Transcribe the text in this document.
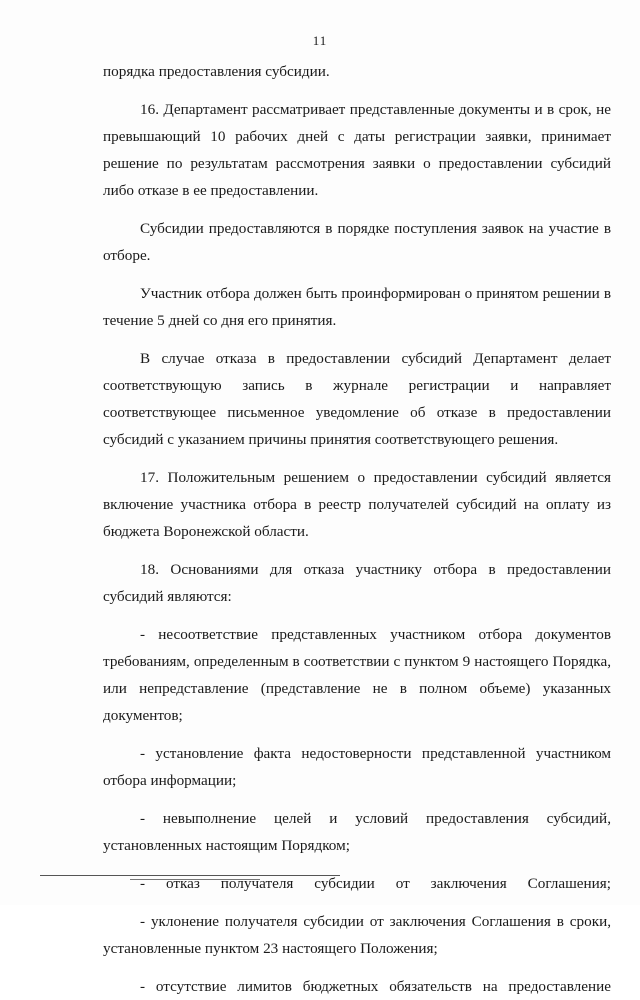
11

порядка предоставления субсидии.

16. Департамент рассматривает представленные документы и в срок, не превышающий 10 рабочих дней с даты регистрации заявки, принимает решение по результатам рассмотрения заявки о предоставлении субсидий либо отказе в ее предоставлении.

Субсидии предоставляются в порядке поступления заявок на участие в отборе.

Участник отбора должен быть проинформирован о принятом решении в течение 5 дней со дня его принятия.

В случае отказа в предоставлении субсидий Департамент делает соответствующую запись в журнале регистрации и направляет соответствующее письменное уведомление об отказе в предоставлении субсидий с указанием причины принятия соответствующего решения.

17. Положительным решением о предоставлении субсидий является включение участника отбора в реестр получателей субсидий на оплату из бюджета Воронежской области.

18. Основаниями для отказа участнику отбора в предоставлении субсидий являются:

- несоответствие представленных участником отбора документов требованиям, определенным в соответствии с пунктом 9 настоящего Порядка, или непредставление (представление не в полном объеме) указанных документов;

- установление факта недостоверности представленной участником отбора информации;

- невыполнение целей и условий предоставления субсидий, установленных настоящим Порядком;

- отказ получателя субсидии от заключения Соглашения;

- уклонение получателя субсидии от заключения Соглашения в сроки, установленные пунктом 23 настоящего Положения;

- отсутствие лимитов бюджетных обязательств на предоставление
